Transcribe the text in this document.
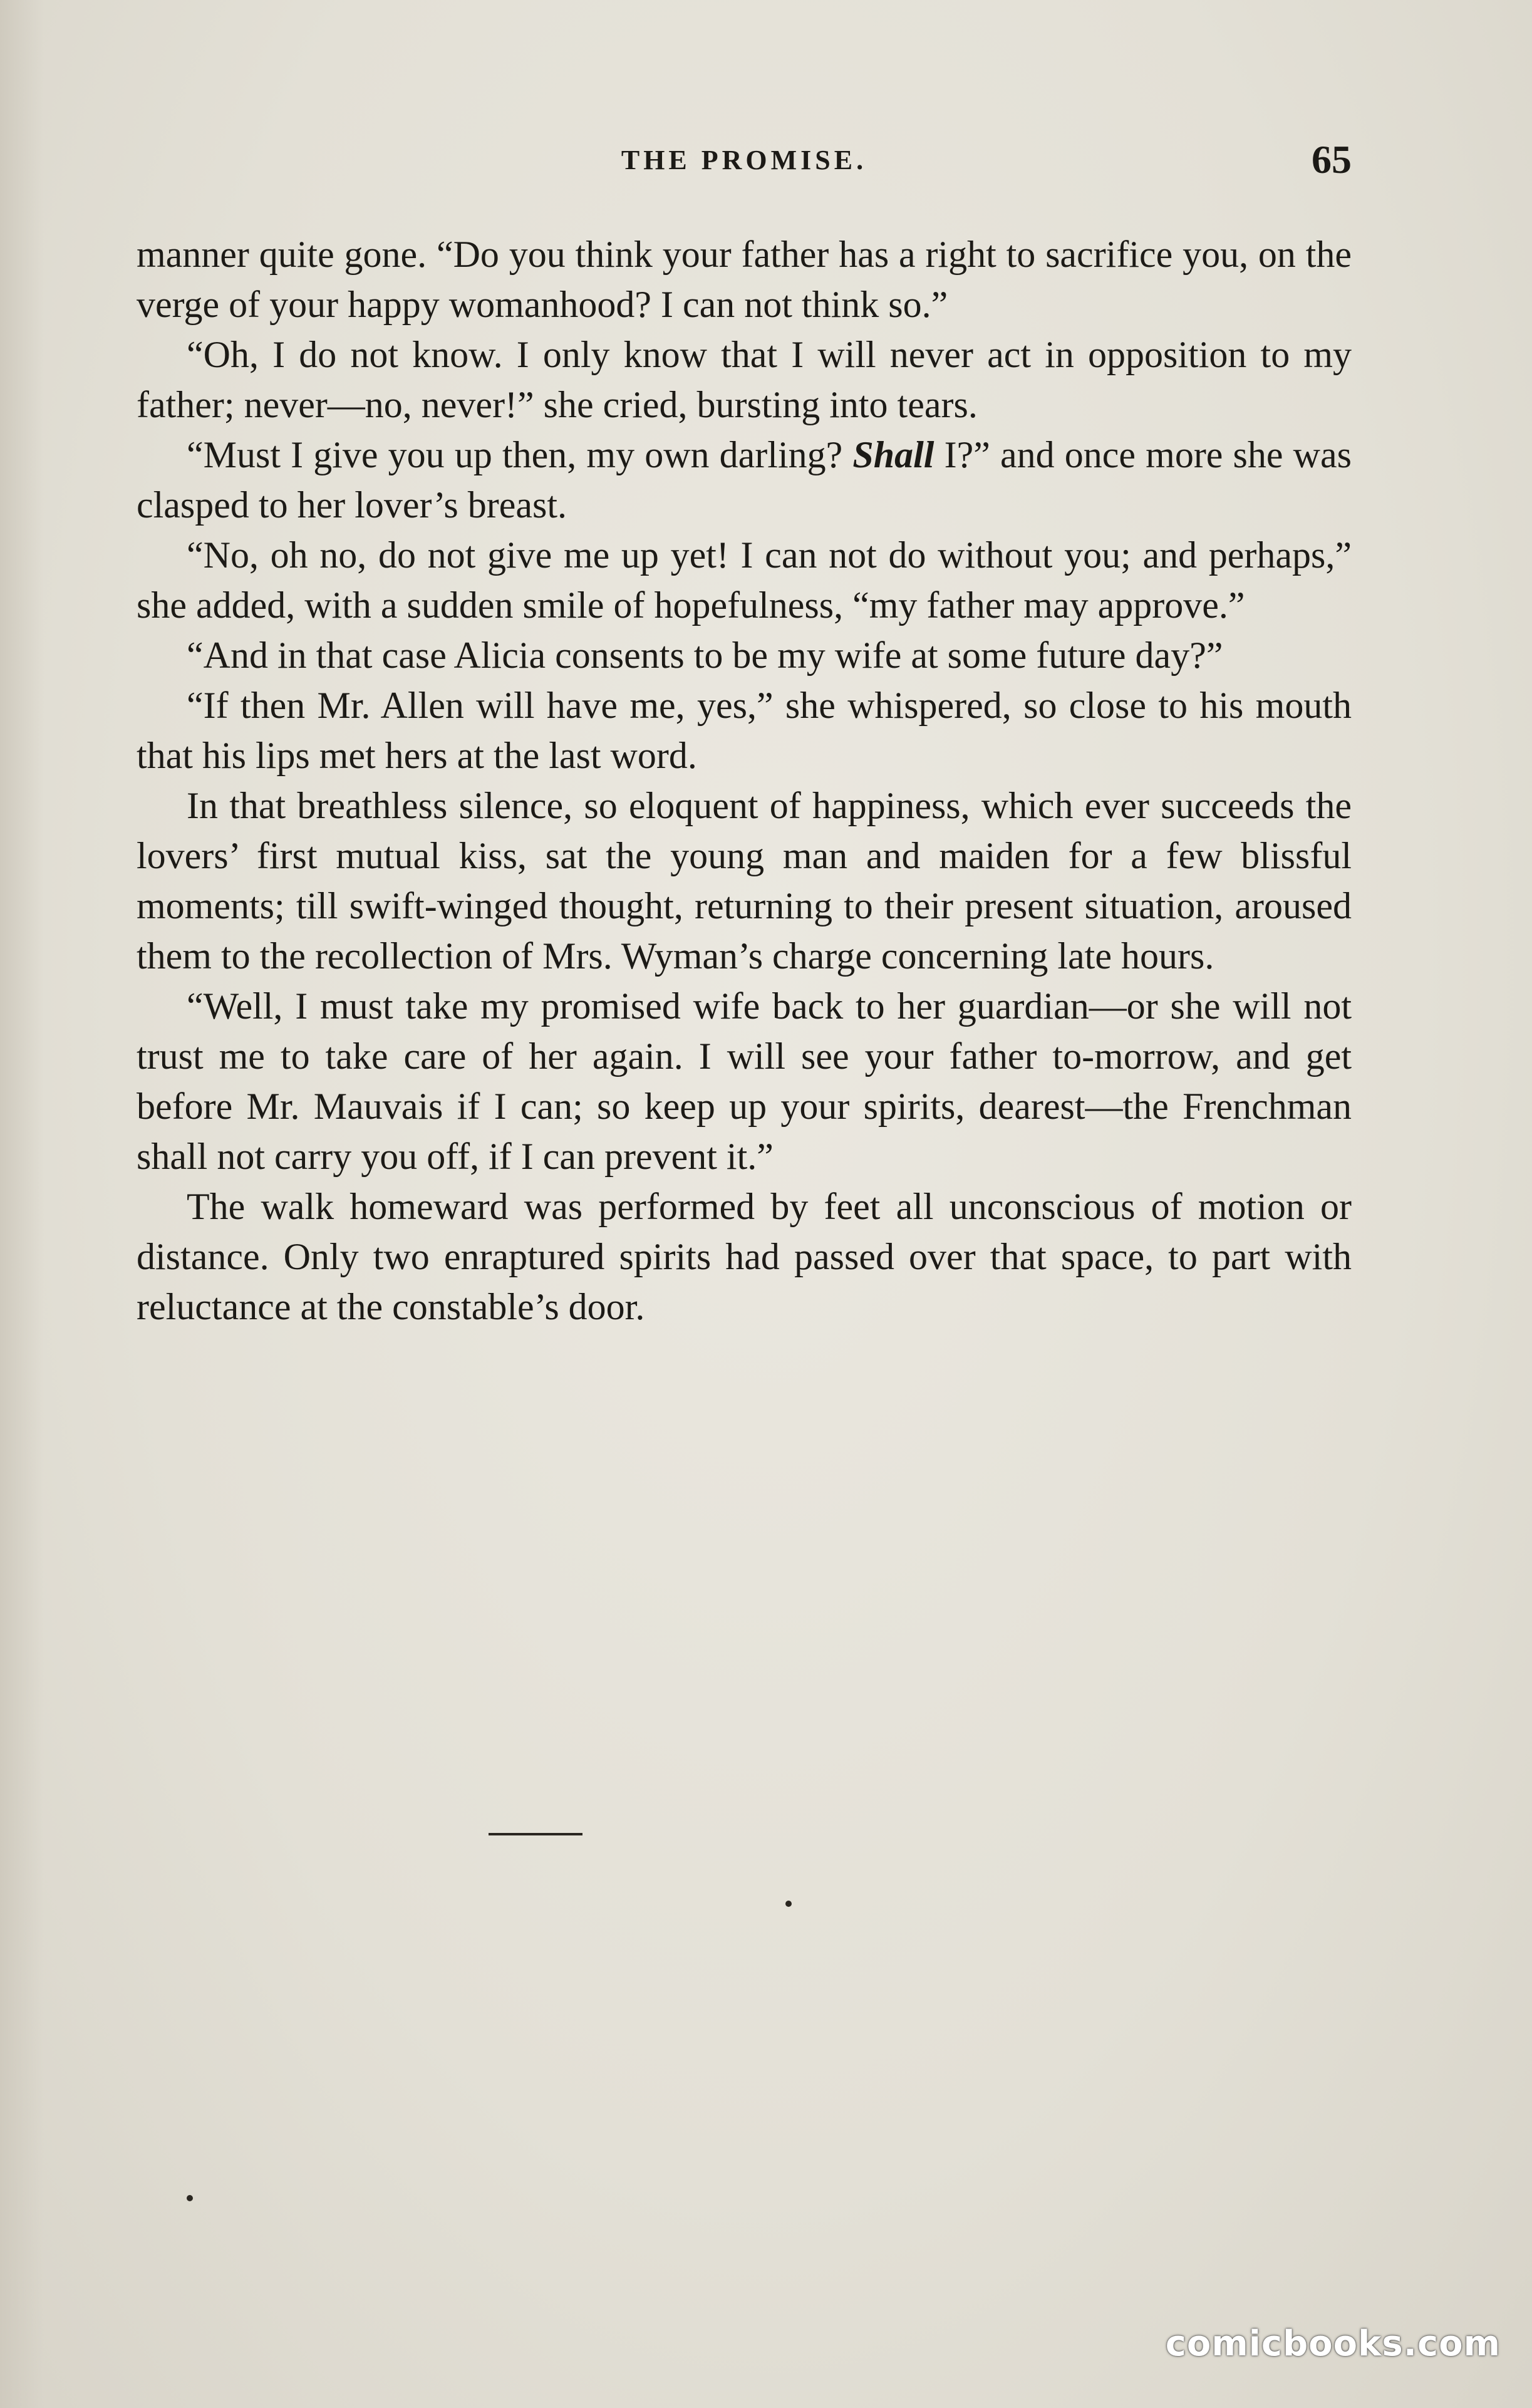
THE PROMISE.	65

manner quite gone. “Do you think your father has a right to sacrifice you, on the verge of your happy womanhood? I can not think so.”

“Oh, I do not know. I only know that I will never act in opposition to my father; never—no, never!” she cried, bursting into tears.

“Must I give you up then, my own darling? Shall I?” and once more she was clasped to her lover’s breast.

“No, oh no, do not give me up yet! I can not do without you; and perhaps,” she added, with a sudden smile of hopefulness, “my father may approve.”

“And in that case Alicia consents to be my wife at some future day?”

“If then Mr. Allen will have me, yes,” she whispered, so close to his mouth that his lips met hers at the last word.

In that breathless silence, so eloquent of happiness, which ever succeeds the lovers’ first mutual kiss, sat the young man and maiden for a few blissful moments; till swift-winged thought, returning to their present situation, aroused them to the recollection of Mrs. Wyman’s charge concerning late hours.

“Well, I must take my promised wife back to her guardian—or she will not trust me to take care of her again. I will see your father to-morrow, and get before Mr. Mauvais if I can; so keep up your spirits, dearest—the Frenchman shall not carry you off, if I can prevent it.”

The walk homeward was performed by feet all unconscious of motion or distance. Only two enraptured spirits had passed over that space, to part with reluctance at the constable’s door.

comicbooks.com
